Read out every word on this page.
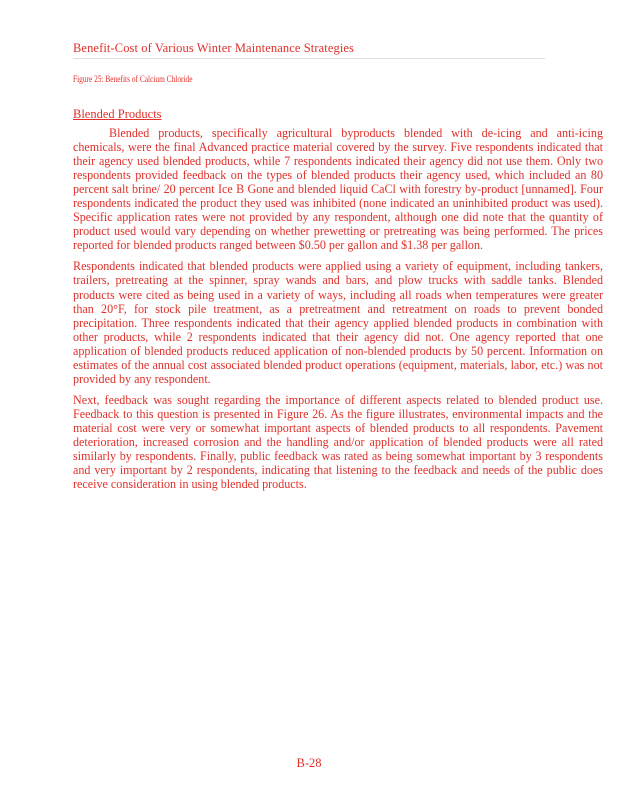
Benefit-Cost of Various Winter Maintenance Strategies
Figure 25: Benefits of Calcium Chloride
Blended Products

Blended products, specifically agricultural byproducts blended with de-icing and anti-icing chemicals, were the final Advanced practice material covered by the survey. Five respondents indicated that their agency used blended products, while 7 respondents indicated their agency did not use them. Only two respondents provided feedback on the types of blended products their agency used, which included an 80 percent salt brine/ 20 percent Ice B Gone and blended liquid CaCl with forestry by-product [unnamed]. Four respondents indicated the product they used was inhibited (none indicated an uninhibited product was used). Specific application rates were not provided by any respondent, although one did note that the quantity of product used would vary depending on whether prewetting or pretreating was being performed. The prices reported for blended products ranged between $0.50 per gallon and $1.38 per gallon.

Respondents indicated that blended products were applied using a variety of equipment, including tankers, trailers, pretreating at the spinner, spray wands and bars, and plow trucks with saddle tanks. Blended products were cited as being used in a variety of ways, including all roads when temperatures were greater than 20°F, for stock pile treatment, as a pretreatment and retreatment on roads to prevent bonded precipitation. Three respondents indicated that their agency applied blended products in combination with other products, while 2 respondents indicated that their agency did not. One agency reported that one application of blended products reduced application of non-blended products by 50 percent. Information on estimates of the annual cost associated blended product operations (equipment, materials, labor, etc.) was not provided by any respondent.

Next, feedback was sought regarding the importance of different aspects related to blended product use. Feedback to this question is presented in Figure 26. As the figure illustrates, environmental impacts and the material cost were very or somewhat important aspects of blended products to all respondents. Pavement deterioration, increased corrosion and the handling and/or application of blended products were all rated similarly by respondents. Finally, public feedback was rated as being somewhat important by 3 respondents and very important by 2 respondents, indicating that listening to the feedback and needs of the public does receive consideration in using blended products.

B-28
